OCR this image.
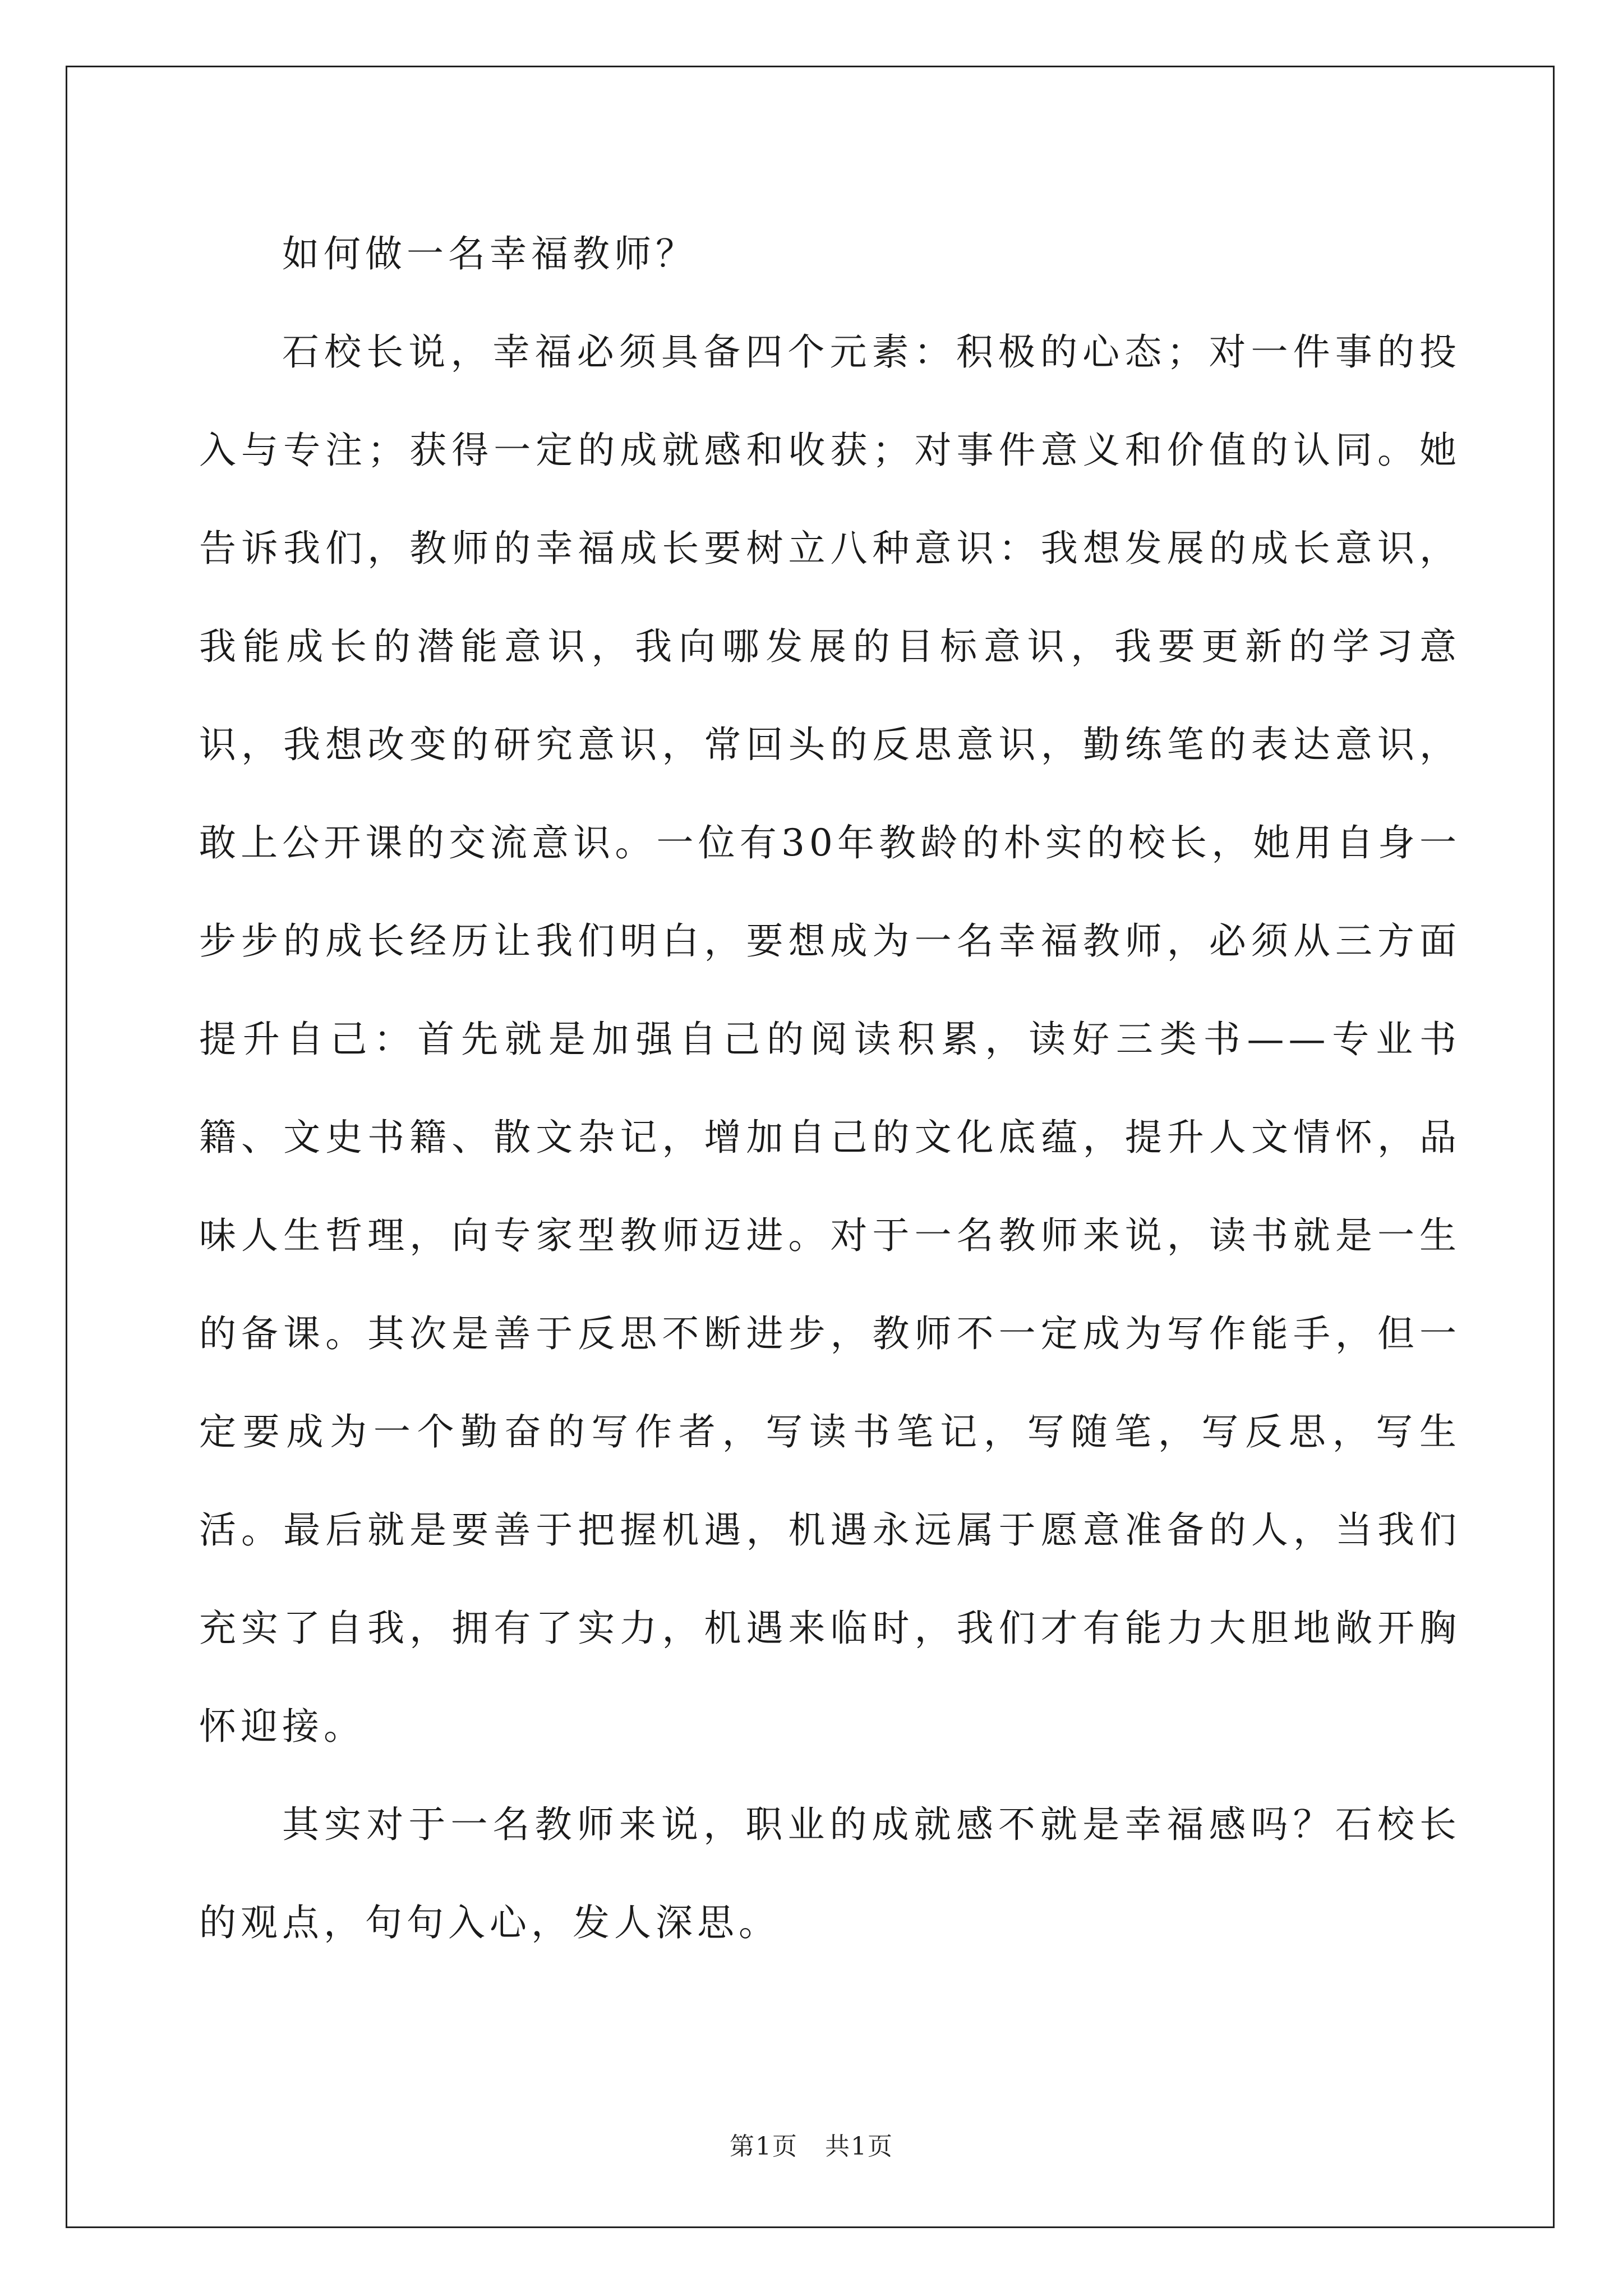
如何做一名幸福教师？

石校长说，幸福必须具备四个元素：积极的心态；对一件事的投入与专注；获得一定的成就感和收获；对事件意义和价值的认同。她告诉我们，教师的幸福成长要树立八种意识：我想发展的成长意识，我能成长的潜能意识，我向哪发展的目标意识，我要更新的学习意识，我想改变的研究意识，常回头的反思意识，勤练笔的表达意识，敢上公开课的交流意识。一位有30年教龄的朴实的校长，她用自身一步步的成长经历让我们明白，要想成为一名幸福教师，必须从三方面提升自己：首先就是加强自己的阅读积累，读好三类书——专业书籍、文史书籍、散文杂记，增加自己的文化底蕴，提升人文情怀，品味人生哲理，向专家型教师迈进。对于一名教师来说，读书就是一生的备课。其次是善于反思不断进步，教师不一定成为写作能手，但一定要成为一个勤奋的写作者，写读书笔记，写随笔，写反思，写生活。最后就是要善于把握机遇，机遇永远属于愿意准备的人，当我们充实了自我，拥有了实力，机遇来临时，我们才有能力大胆地敞开胸怀迎接。

其实对于一名教师来说，职业的成就感不就是幸福感吗？石校长的观点，句句入心，发人深思。

第1页 共1页
